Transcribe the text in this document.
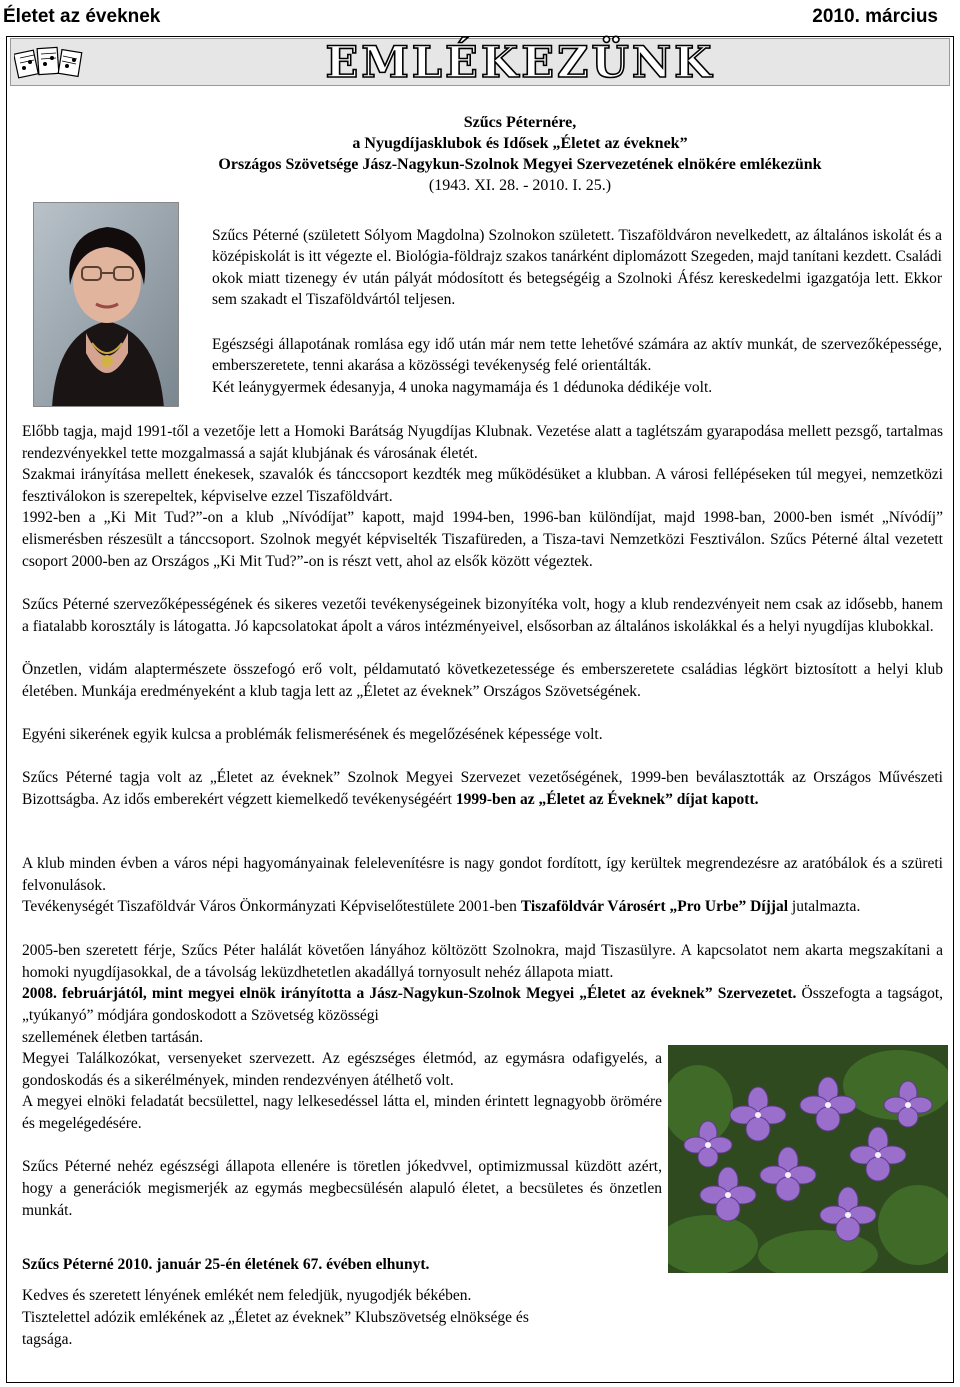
Életet az éveknek	2010. március
EMLÉKEZÜNK
Szűcs Péternére,
a Nyugdíjasklubok és Idősek „Életet az éveknek”
Országos Szövetsége Jász-Nagykun-Szolnok Megyei Szervezetének elnökére emlékezünk
(1943. XI. 28. - 2010. I. 25.)
Szűcs Péterné (született Sólyom Magdolna) Szolnokon született. Tiszaföldváron nevelkedett, az általános iskolát és a középiskolát is itt végezte el. Biológia-földrajz szakos tanárként diplomázott Szegeden, majd tanítani kezdett. Családi okok miatt tizenegy év után pályát módosított és betegségéig a Szolnoki Áfész kereskedelmi igazgatója lett. Ekkor sem szakadt el Tiszaföldvártól teljesen.
Egészségi állapotának romlása egy idő után már nem tette lehetővé számára az aktív munkát, de szervezőképessége, emberszeretete, tenni akarása a közösségi tevékenység felé orientálták.
Két leánygyermek édesanyja, 4 unoka nagymamája és 1 dédunoka dédikéje volt.
Előbb tagja, majd 1991-től a vezetője lett a Homoki Barátság Nyugdíjas Klubnak. Vezetése alatt a taglétszám gyarapodása mellett pezsgő, tartalmas rendezvényekkel tette mozgalmassá a saját klubjának és városának életét.
Szakmai irányítása mellett énekesek, szavalók és tánccsoport kezdték meg működésüket a klubban. A városi fellépéseken túl megyei, nemzetközi fesztiválokon is szerepeltek, képviselve ezzel Tiszaföldvárt.
1992-ben a „Ki Mit Tud?”-on a klub „Nívódíjat” kapott, majd 1994-ben, 1996-ban különdíjat, majd 1998-ban, 2000-ben ismét „Nívódíj” elismerésben részesült a tánccsoport. Szolnok megyét képviselték Tiszafüreden, a Tisza-tavi Nemzetközi Fesztiválon. Szűcs Péterné által vezetett csoport 2000-ben az Országos „Ki Mit Tud?”-on is részt vett, ahol az elsők között végeztek.
Szűcs Péterné szervezőképességének és sikeres vezetői tevékenységeinek bizonyítéka volt, hogy a klub rendezvényeit nem csak az idősebb, hanem a fiatalabb korosztály is látogatta. Jó kapcsolatokat ápolt a város intézményeivel, elsősorban az általános iskolákkal és a helyi nyugdíjas klubokkal.
Önzetlen, vidám alaptermészete összefogó erő volt, példamutató következetessége és emberszeretete családias légkört biztosított a helyi klub életében. Munkája eredményeként a klub tagja lett az „Életet az éveknek” Országos Szövetségének.
Egyéni sikerének egyik kulcsa a problémák felismerésének és megelőzésének képessége volt.
Szűcs Péterné tagja volt az „Életet az éveknek” Szolnok Megyei Szervezet vezetőségének, 1999-ben beválasztották az Országos Művészeti Bizottságba. Az idős emberekért végzett kiemelkedő tevékenységéért 1999-ben az „Életet az Éveknek” díjat kapott.
A klub minden évben a város népi hagyományainak felelevenítésre is nagy gondot fordított, így kerültek megrendezésre az aratóbálok és a szüreti felvonulások.
Tevékenységét Tiszaföldvár Város Önkormányzati Képviselőtestülete 2001-ben Tiszaföldvár Városért „Pro Urbe” Díjjal jutalmazta.
2005-ben szeretett férje, Szűcs Péter halálát követően lányához költözött Szolnokra, majd Tiszasülyre. A kapcsolatot nem akarta megszakítani a homoki nyugdíjasokkal, de a távolság leküzdhetetlen akadállyá tornyosult nehéz állapota miatt.
2008. februárjától, mint megyei elnök irányította a Jász-Nagykun-Szolnok Megyei „Életet az éveknek” Szervezetet. Összefogta a tagságot, „tyúkanyó” módjára gondoskodott a Szövetség közösségi
szellemének életben tartásán.
Megyei Találkozókat, versenyeket szervezett. Az egészséges életmód, az egymásra odafigyelés, a gondoskodás és a sikerélmények, minden rendezvényen átélhető volt.
A megyei elnöki feladatát becsülettel, nagy lelkesedéssel látta el, minden érintett legnagyobb örömére és megelégedésére.
Szűcs Péterné nehéz egészségi állapota ellenére is töretlen jókedvvel, optimizmussal küzdött azért, hogy a generációk megismerjék az egymás megbecsülésén alapuló életet, a becsületes és önzetlen munkát.
Szűcs Péterné 2010. január 25-én életének 67. évében elhunyt.
Kedves és szeretett lényének emlékét nem feledjük, nyugodjék békében.
Tisztelettel adózik emlékének az „Életet az éveknek” Klubszövetség elnöksége és tagsága.
